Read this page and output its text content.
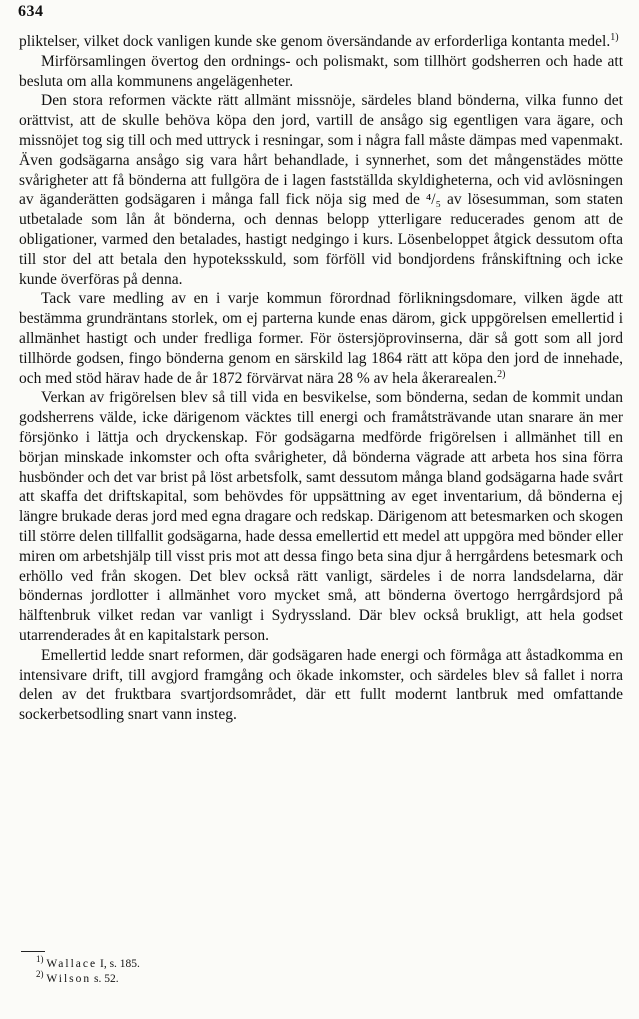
634

pliktelser, vilket dock vanligen kunde ske genom översändande av erforderliga kontanta medel.$^{1)}$

Mirförsamlingen övertog den ordnings- och polismakt, som tillhört godsherren och hade att besluta om alla kommunens angelägenheter.

Den stora reformen väckte rätt allmänt missnöje, särdeles bland bönderna, vilka funno det orättvist, att de skulle behöva köpa den jord, vartill de ansågo sig egentligen vara ägare, och missnöjet tog sig till och med uttryck i resningar, som i några fall måste dämpas med vapenmakt. Även godsägarna ansågo sig vara hårt behandlade, i synnerhet, som det mångenstädes mötte svårigheter att få bönderna att fullgöra de i lagen fastställda skyldigheterna, och vid avlösningen av äganderätten godsägaren i många fall fick nöja sig med de ⁴/₅ av lösesumman, som staten utbetalade som lån åt bönderna, och dennas belopp ytterligare reducerades genom att de obligationer, varmed den betalades, hastigt nedgingo i kurs. Lösenbeloppet åtgick dessutom ofta till stor del att betala den hypoteksskuld, som förföll vid bondjordens frånskiftning och icke kunde överföras på denna.

Tack vare medling av en i varje kommun förordnad förlikningsdomare, vilken ägde att bestämma grundräntans storlek, om ej parterna kunde enas därom, gick uppgörelsen emellertid i allmänhet hastigt och under fredliga former. För östersjöprovinserna, där så gott som all jord tillhörde godsen, fingo bönderna genom en särskild lag 1864 rätt att köpa den jord de innehade, och med stöd härav hade de år 1872 förvärvat nära 28 % av hela åkerarealen.$^{2)}$

Verkan av frigörelsen blev så till vida en besvikelse, som bönderna, sedan de kommit undan godsherrens välde, icke därigenom väcktes till energi och framåtsträvande utan snarare än mer försjönko i lättja och dryckenskap. För godsägarna medförde frigörelsen i allmänhet till en början minskade inkomster och ofta svårigheter, då bönderna vägrade att arbeta hos sina förra husbönder och det var brist på löst arbetsfolk, samt dessutom många bland godsägarna hade svårt att skaffa det driftskapital, som behövdes för uppsättning av eget inventarium, då bönderna ej längre brukade deras jord med egna dragare och redskap. Därigenom att betesmarken och skogen till större delen tillfallit godsägarna, hade dessa emellertid ett medel att uppgöra med bönder eller miren om arbetshjälp till visst pris mot att dessa fingo beta sina djur å herrgårdens betesmark och erhöllo ved från skogen. Det blev också rätt vanligt, särdeles i de norra landsdelarna, där böndernas jordlotter i allmänhet voro mycket små, att bönderna övertogo herrgårdsjord på hälftenbruk vilket redan var vanligt i Sydryssland. Där blev också brukligt, att hela godset utarrenderades åt en kapitalstark person.

Emellertid ledde snart reformen, där godsägaren hade energi och förmåga att åstadkomma en intensivare drift, till avgjord framgång och ökade inkomster, och särdeles blev så fallet i norra delen av det fruktbara svartjordsområdet, där ett fullt modernt lantbruk med omfattande sockerbetsodling snart vann insteg.

$^{1)}$ Wallace I, s. 185.
$^{2)}$ Wilson s. 52.
